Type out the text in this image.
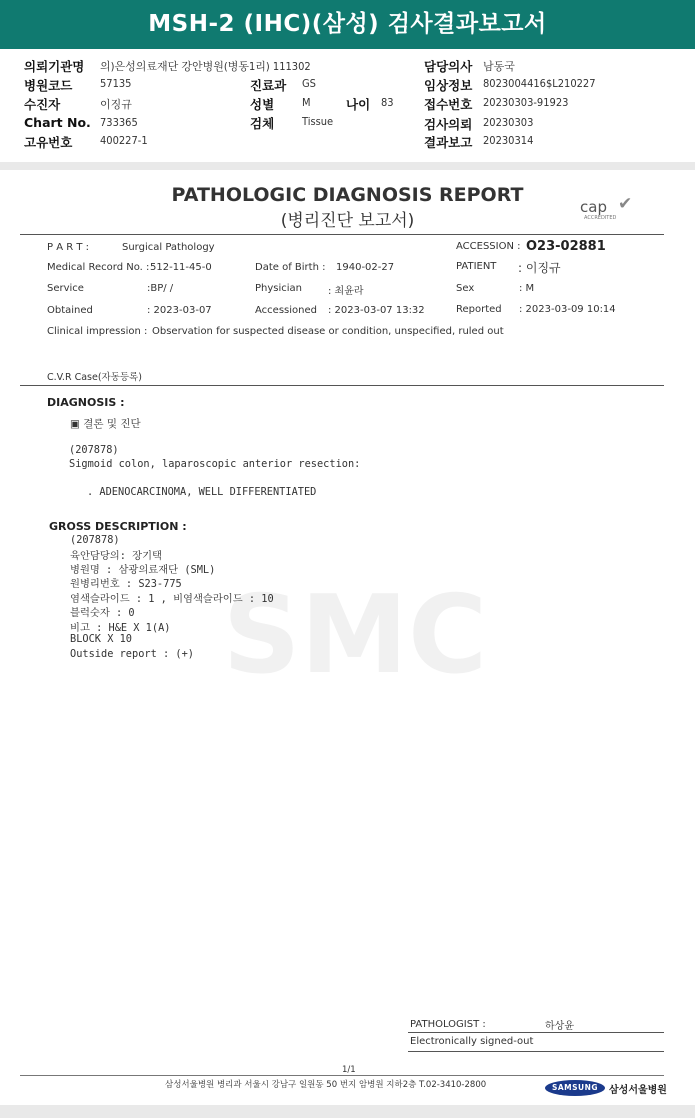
MSH-2 (IHC)(삼성) 검사결과보고서
의뢰기관명 의)은성의료재단 강안병원(병동1리) 111302
병원코드	57135
수진자	이징규
Chart No. 733365
고유번호	400227-1
진료과 GS
성별	M	나이 83
검체	Tissue
담당의사 남동국
임상정보 8023004416$L210227
접수번호 20230303-91923
검사의뢰 20230303
결과보고 20230314
SMC
PATHOLOGIC DIAGNOSIS REPORT
(병리진단 보고서)
cap ✔
ACCREDITED
P A R T :	Surgical Pathology	ACCESSION : O23-02881
Medical Record No. : 512-11-45-0	Date of Birth : 1940-02-27	PATIENT : 이징규
Service	:BP/ /	Physician	: 최윤라	Sex	: M
Obtained	: 2023-03-07	Accessioned : 2023-03-07 13:32	Reported : 2023-03-09 10:14
Clinical impression : Observation for suspected disease or condition, unspecified, ruled out
C.V.R Case(자동등록)
DIAGNOSIS :
▣ 결론 및 진단
(207878)
Sigmoid colon, laparoscopic anterior resection:
. ADENOCARCINOMA, WELL DIFFERENTIATED
GROSS DESCRIPTION :
(207878)
육안담당의: 장기택
병원명 : 삼광의료재단 (SML)
원병리번호 : S23-775
염색슬라이드 : 1 , 비염색슬라이드 : 10
블럭숫자 : 0
비고 : H&E X 1(A)
BLOCK X 10
Outside report : (+)
PATHOLOGIST :	하상윤
Electronically signed-out
1/1
삼성서울병원 병리과 서울시 강남구 일원동 50 번지 암병원 지하2층 T.02-3410-2800	SAMSUNG	삼성서울병원
